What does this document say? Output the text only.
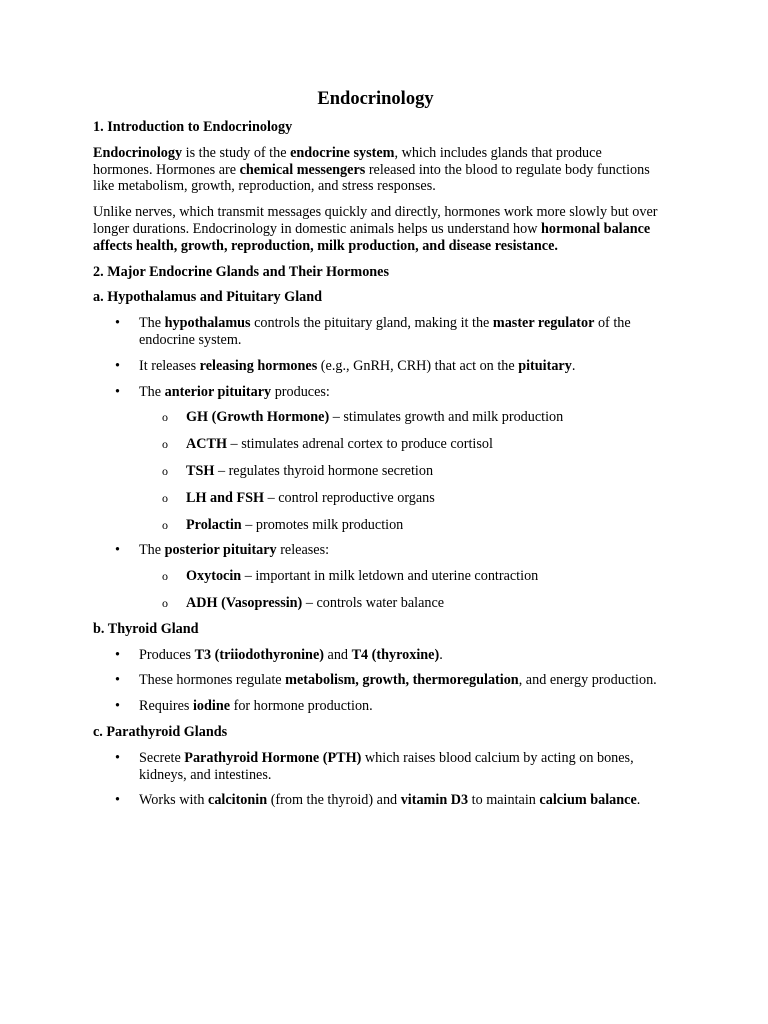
Endocrinology
1. Introduction to Endocrinology

Endocrinology is the study of the endocrine system, which includes glands that produce hormones. Hormones are chemical messengers released into the blood to regulate body functions like metabolism, growth, reproduction, and stress responses.

Unlike nerves, which transmit messages quickly and directly, hormones work more slowly but over longer durations. Endocrinology in domestic animals helps us understand how hormonal balance affects health, growth, reproduction, milk production, and disease resistance.

2. Major Endocrine Glands and Their Hormones
a. Hypothalamus and Pituitary Gland
• The hypothalamus controls the pituitary gland, making it the master regulator of the endocrine system.
• It releases releasing hormones (e.g., GnRH, CRH) that act on the pituitary.
• The anterior pituitary produces:
o GH (Growth Hormone) – stimulates growth and milk production
o ACTH – stimulates adrenal cortex to produce cortisol
o TSH – regulates thyroid hormone secretion
o LH and FSH – control reproductive organs
o Prolactin – promotes milk production
• The posterior pituitary releases:
o Oxytocin – important in milk letdown and uterine contraction
o ADH (Vasopressin) – controls water balance
b. Thyroid Gland
• Produces T3 (triiodothyronine) and T4 (thyroxine).
• These hormones regulate metabolism, growth, thermoregulation, and energy production.
• Requires iodine for hormone production.
c. Parathyroid Glands
• Secrete Parathyroid Hormone (PTH) which raises blood calcium by acting on bones, kidneys, and intestines.
• Works with calcitonin (from the thyroid) and vitamin D3 to maintain calcium balance.
